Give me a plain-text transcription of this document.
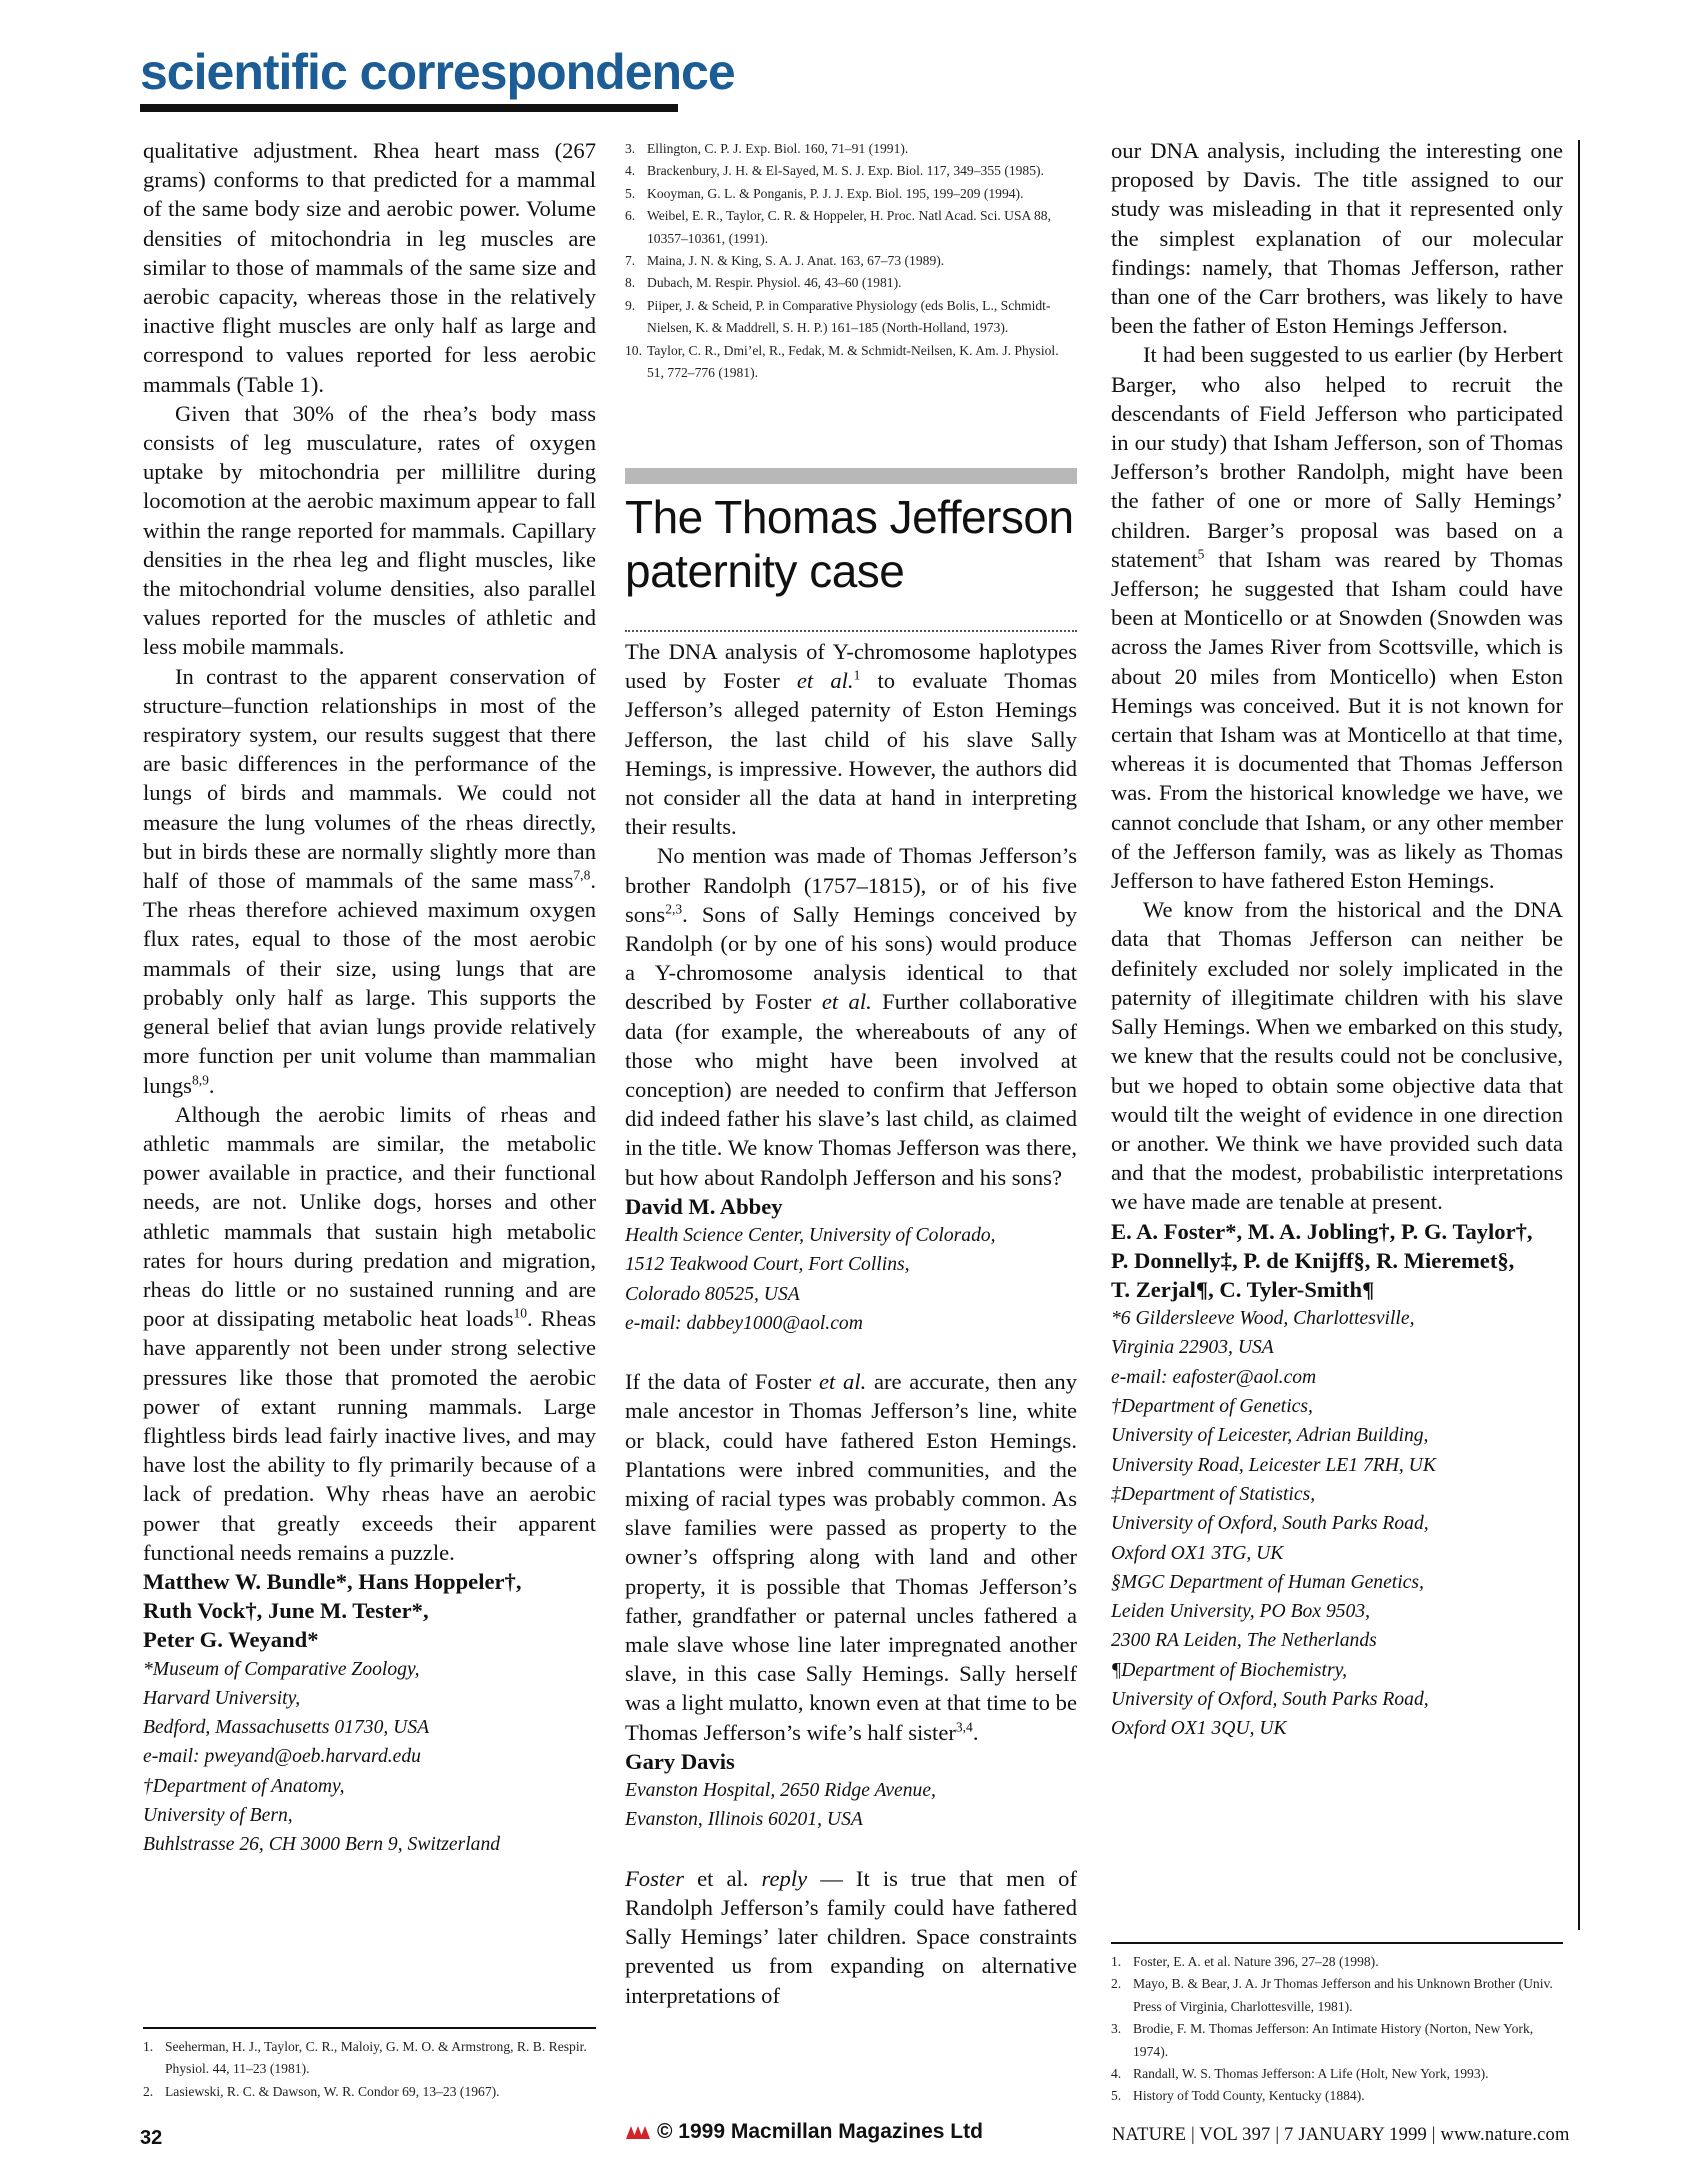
scientific correspondence

qualitative adjustment. Rhea heart mass (267 grams) conforms to that predicted for a mammal of the same body size and aerobic power. Volume densities of mitochondria in leg muscles are similar to those of mammals of the same size and aerobic capacity, whereas those in the relatively inactive flight muscles are only half as large and correspond to values reported for less aerobic mammals (Table 1).

Given that 30% of the rhea’s body mass consists of leg musculature, rates of oxygen uptake by mitochondria per millilitre during locomotion at the aerobic maximum appear to fall within the range reported for mammals. Capillary densities in the rhea leg and flight muscles, like the mitochondrial volume densities, also parallel values reported for the muscles of athletic and less mobile mammals.

In contrast to the apparent conservation of structure–function relationships in most of the respiratory system, our results suggest that there are basic differences in the performance of the lungs of birds and mammals. We could not measure the lung volumes of the rheas directly, but in birds these are normally slightly more than half of those of mammals of the same mass$^{7,8}$. The rheas therefore achieved maximum oxygen flux rates, equal to those of the most aerobic mammals of their size, using lungs that are probably only half as large. This supports the general belief that avian lungs provide relatively more function per unit volume than mammalian lungs$^{8,9}$.

Although the aerobic limits of rheas and athletic mammals are similar, the metabolic power available in practice, and their functional needs, are not. Unlike dogs, horses and other athletic mammals that sustain high metabolic rates for hours during predation and migration, rheas do little or no sustained running and are poor at dissipating metabolic heat loads$^{10}$. Rheas have apparently not been under strong selective pressures like those that promoted the aerobic power of extant running mammals. Large flightless birds lead fairly inactive lives, and may have lost the ability to fly primarily because of a lack of predation. Why rheas have an aerobic power that greatly exceeds their apparent functional needs remains a puzzle.

Matthew W. Bundle*, Hans Hoppeler†,

Ruth Vock†, June M. Tester*,

Peter G. Weyand*

*Museum of Comparative Zoology,

Harvard University,

Bedford, Massachusetts 01730, USA

e-mail: pweyand@oeb.harvard.edu

†Department of Anatomy,

University of Bern,

Buhlstrasse 26, CH 3000 Bern 9, Switzerland

1. Seeherman, H. J., Taylor, C. R., Maloiy, G. M. O. & Armstrong, R. B. Respir. Physiol. 44, 11–23 (1981).
2. Lasiewski, R. C. & Dawson, W. R. Condor 69, 13–23 (1967).
3. Ellington, C. P. J. Exp. Biol. 160, 71–91 (1991).
4. Brackenbury, J. H. & El-Sayed, M. S. J. Exp. Biol. 117, 349–355 (1985).
5. Kooyman, G. L. & Ponganis, P. J. J. Exp. Biol. 195, 199–209 (1994).
6. Weibel, E. R., Taylor, C. R. & Hoppeler, H. Proc. Natl Acad. Sci. USA 88, 10357–10361, (1991).
7. Maina, J. N. & King, S. A. J. Anat. 163, 67–73 (1989).
8. Dubach, M. Respir. Physiol. 46, 43–60 (1981).
9. Piiper, J. & Scheid, P. in Comparative Physiology (eds Bolis, L., Schmidt-Nielsen, K. & Maddrell, S. H. P.) 161–185 (North-Holland, 1973).
10. Taylor, C. R., Dmi’el, R., Fedak, M. & Schmidt-Neilsen, K. Am. J. Physiol. 51, 772–776 (1981).
The Thomas Jefferson paternity case

The DNA analysis of Y-chromosome haplotypes used by Foster et al.$^1$ to evaluate Thomas Jefferson’s alleged paternity of Eston Hemings Jefferson, the last child of his slave Sally Hemings, is impressive. However, the authors did not consider all the data at hand in interpreting their results.

No mention was made of Thomas Jefferson’s brother Randolph (1757–1815), or of his five sons$^{2,3}$. Sons of Sally Hemings conceived by Randolph (or by one of his sons) would produce a Y-chromosome analysis identical to that described by Foster et al. Further collaborative data (for example, the whereabouts of any of those who might have been involved at conception) are needed to confirm that Jefferson did indeed father his slave’s last child, as claimed in the title. We know Thomas Jefferson was there, but how about Randolph Jefferson and his sons?

David M. Abbey

Health Science Center, University of Colorado,

1512 Teakwood Court, Fort Collins,

Colorado 80525, USA

e-mail: dabbey1000@aol.com

If the data of Foster et al. are accurate, then any male ancestor in Thomas Jefferson’s line, white or black, could have fathered Eston Hemings. Plantations were inbred communities, and the mixing of racial types was probably common. As slave families were passed as property to the owner’s offspring along with land and other property, it is possible that Thomas Jefferson’s father, grandfather or paternal uncles fathered a male slave whose line later impregnated another slave, in this case Sally Hemings. Sally herself was a light mulatto, known even at that time to be Thomas Jefferson’s wife’s half sister$^{3,4}$.

Gary Davis

Evanston Hospital, 2650 Ridge Avenue,

Evanston, Illinois 60201, USA

Foster et al. reply — It is true that men of Randolph Jefferson’s family could have fathered Sally Hemings’ later children. Space constraints prevented us from expanding on alternative interpretations of

our DNA analysis, including the interesting one proposed by Davis. The title assigned to our study was misleading in that it represented only the simplest explanation of our molecular findings: namely, that Thomas Jefferson, rather than one of the Carr brothers, was likely to have been the father of Eston Hemings Jefferson.

It had been suggested to us earlier (by Herbert Barger, who also helped to recruit the descendants of Field Jefferson who participated in our study) that Isham Jefferson, son of Thomas Jefferson’s brother Randolph, might have been the father of one or more of Sally Hemings’ children. Barger’s proposal was based on a statement$^5$ that Isham was reared by Thomas Jefferson; he suggested that Isham could have been at Monticello or at Snowden (Snowden was across the James River from Scottsville, which is about 20 miles from Monticello) when Eston Hemings was conceived. But it is not known for certain that Isham was at Monticello at that time, whereas it is documented that Thomas Jefferson was. From the historical knowledge we have, we cannot conclude that Isham, or any other member of the Jefferson family, was as likely as Thomas Jefferson to have fathered Eston Hemings.

We know from the historical and the DNA data that Thomas Jefferson can neither be definitely excluded nor solely implicated in the paternity of illegitimate children with his slave Sally Hemings. When we embarked on this study, we knew that the results could not be conclusive, but we hoped to obtain some objective data that would tilt the weight of evidence in one direction or another. We think we have provided such data and that the modest, probabilistic interpretations we have made are tenable at present.

E. A. Foster*, M. A. Jobling†, P. G. Taylor†,

P. Donnelly‡, P. de Knijff§, R. Mieremet§,

T. Zerjal¶, C. Tyler-Smith¶

*6 Gildersleeve Wood, Charlottesville,

Virginia 22903, USA

e-mail: eafoster@aol.com

†Department of Genetics,

University of Leicester, Adrian Building,

University Road, Leicester LE1 7RH, UK

‡Department of Statistics,

University of Oxford, South Parks Road,

Oxford OX1 3TG, UK

§MGC Department of Human Genetics,

Leiden University, PO Box 9503,

2300 RA Leiden, The Netherlands

¶Department of Biochemistry,

University of Oxford, South Parks Road,

Oxford OX1 3QU, UK

1. Foster, E. A. et al. Nature 396, 27–28 (1998).
2. Mayo, B. & Bear, J. A. Jr Thomas Jefferson and his Unknown Brother (Univ. Press of Virginia, Charlottesville, 1981).
3. Brodie, F. M. Thomas Jefferson: An Intimate History (Norton, New York, 1974).
4. Randall, W. S. Thomas Jefferson: A Life (Holt, New York, 1993).
5. History of Todd County, Kentucky (1884).
32	© 1999 Macmillan Magazines Ltd	NATURE | VOL 397 | 7 JANUARY 1999 | www.nature.com
